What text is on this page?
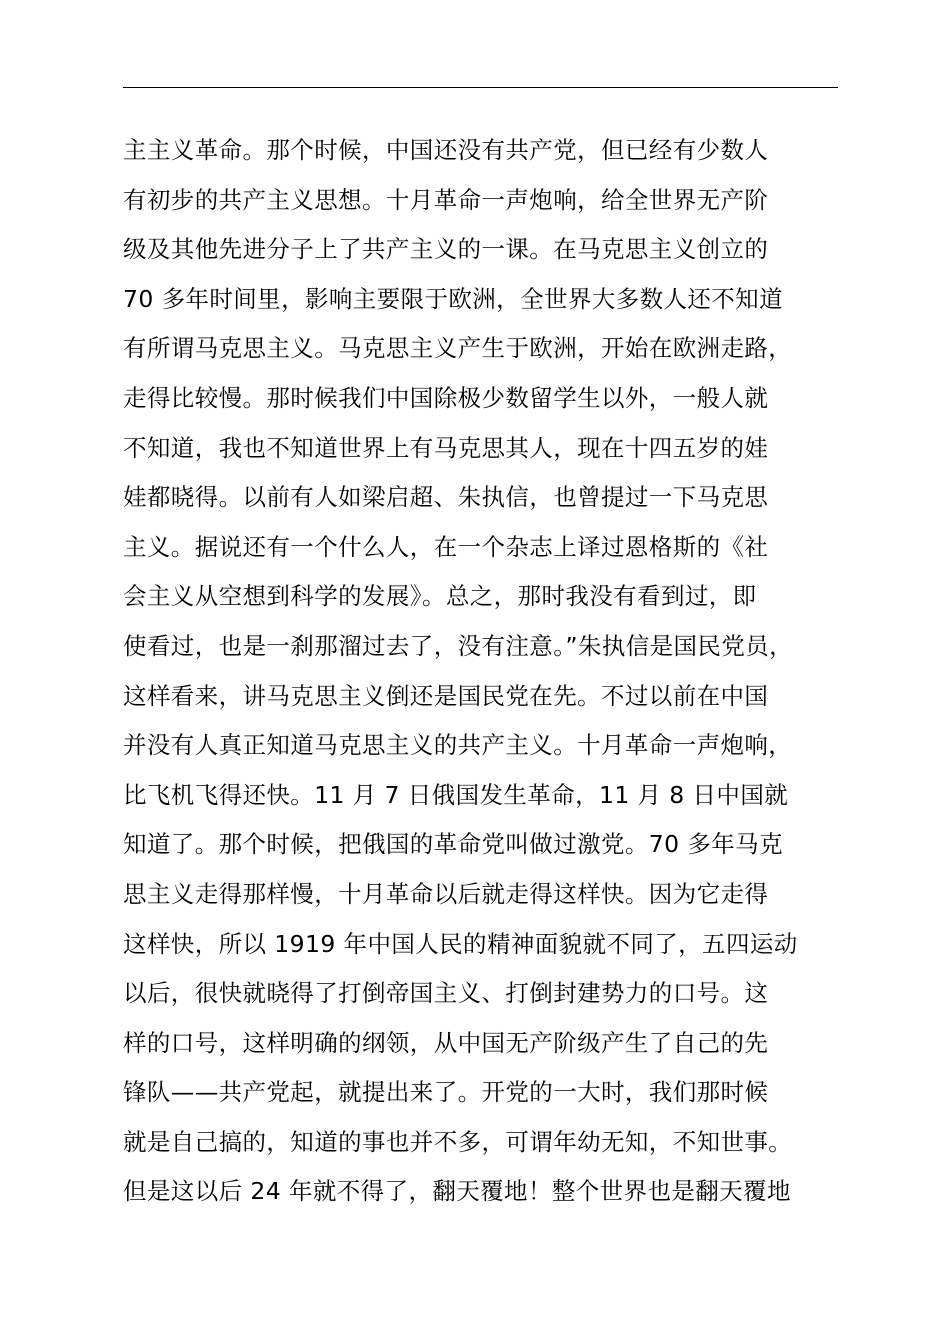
主主义革命。那个时候，中国还没有共产党，但已经有少数人
有初步的共产主义思想。十月革命一声炮响，给全世界无产阶
级及其他先进分子上了共产主义的一课。在马克思主义创立的
70 多年时间里，影响主要限于欧洲，全世界大多数人还不知道
有所谓马克思主义。马克思主义产生于欧洲，开始在欧洲走路，
走得比较慢。那时候我们中国除极少数留学生以外，一般人就
不知道，我也不知道世界上有马克思其人，现在十四五岁的娃
娃都晓得。以前有人如梁启超、朱执信，也曾提过一下马克思
主义。据说还有一个什么人，在一个杂志上译过恩格斯的《社
会主义从空想到科学的发展》。总之，那时我没有看到过，即
使看过，也是一刹那溜过去了，没有注意。”朱执信是国民党员，
这样看来，讲马克思主义倒还是国民党在先。不过以前在中国
并没有人真正知道马克思主义的共产主义。十月革命一声炮响，
比飞机飞得还快。11 月 7 日俄国发生革命，11 月 8 日中国就
知道了。那个时候，把俄国的革命党叫做过激党。70 多年马克
思主义走得那样慢，十月革命以后就走得这样快。因为它走得
这样快，所以 1919 年中国人民的精神面貌就不同了，五四运动
以后，很快就晓得了打倒帝国主义、打倒封建势力的口号。这
样的口号，这样明确的纲领，从中国无产阶级产生了自己的先
锋队——共产党起，就提出来了。开党的一大时，我们那时候
就是自己搞的，知道的事也并不多，可谓年幼无知，不知世事。
但是这以后 24 年就不得了，翻天覆地！整个世界也是翻天覆地
